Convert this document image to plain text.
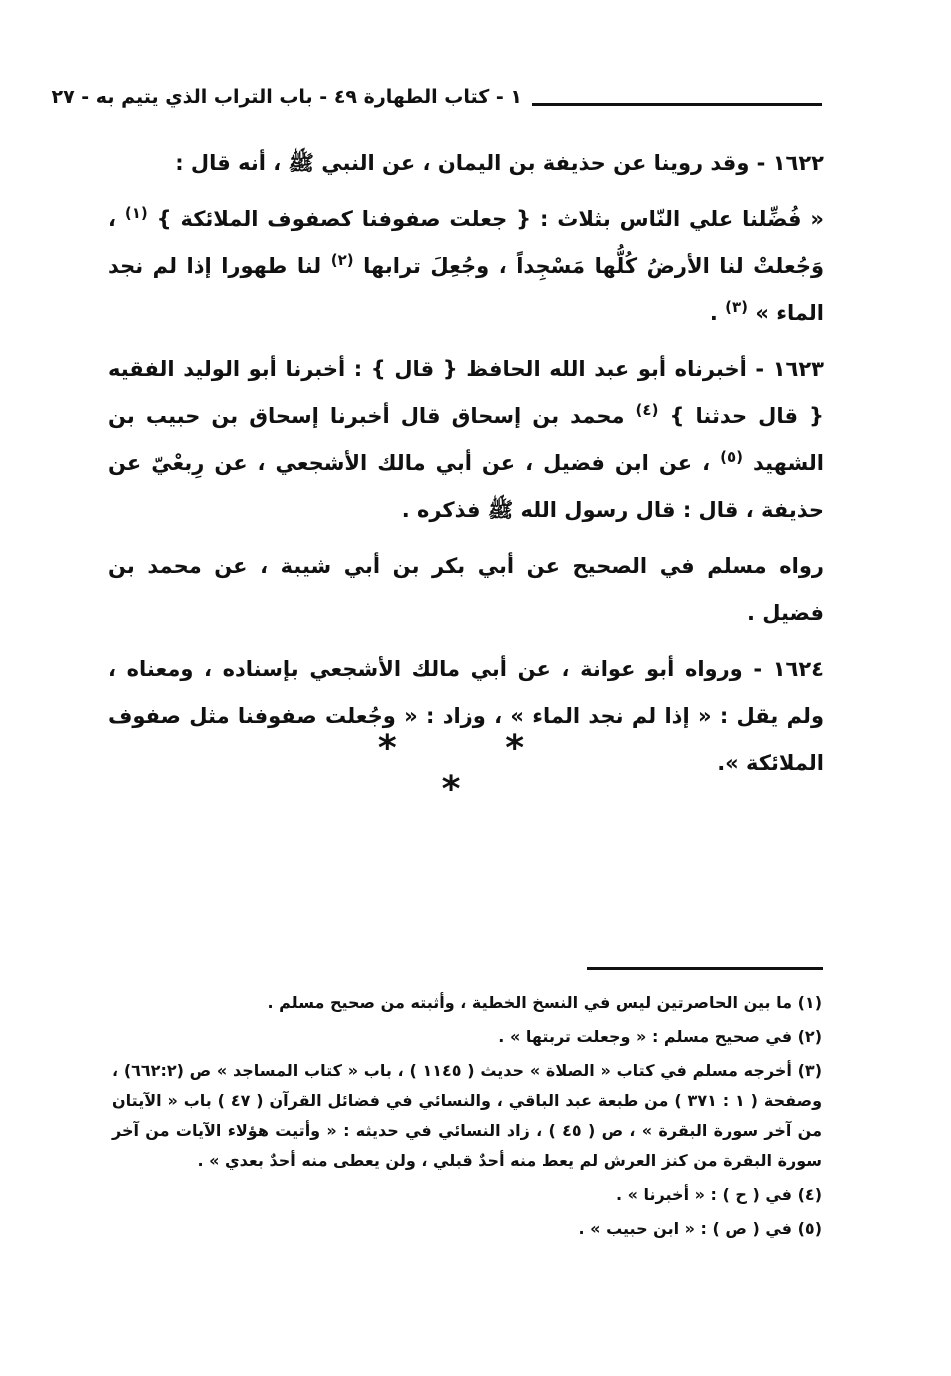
١ - كتاب الطهارة ٤٩ - باب التراب الذي يتيم به - ٢٧

١٦٢٢ - وقد روينا عن حذيفة بن اليمان ، عن النبي ﷺ ، أنه قال :

« فُضِّلنا علي النّاس بثلاث : { جعلت صفوفنا كصفوف الملائكة } $^{(١)}$ ، وَجُعلتْ لنا الأرضُ كُلُّها مَسْجِداً ، وجُعِلَ ترابها $^{(٢)}$ لنا طهورا إذا لم نجد الماء » $^{(٣)}$ .

١٦٢٣ - أخبرناه أبو عبد الله الحافظ { قال } : أخبرنا أبو الوليد الفقيه { قال حدثنا } $^{(٤)}$ محمد بن إسحاق قال أخبرنا إسحاق بن حبيب بن الشهيد $^{(٥)}$ ، عن ابن فضيل ، عن أبي مالك الأشجعي ، عن رِبعْيّ عن حذيفة ، قال : قال رسول الله ﷺ فذكره .

رواه مسلم في الصحيح عن أبي بكر بن أبي شيبة ، عن محمد بن فضيل .

١٦٢٤ - ورواه أبو عوانة ، عن أبي مالك الأشجعي بإسناده ، ومعناه ، ولم يقل : « إذا لم نجد الماء » ، وزاد : « وجُعلت صفوفنا مثل صفوف الملائكة ».

* * *

(١) ما بين الحاصرتين ليس في النسخ الخطية ، وأثبته من صحيح مسلم .

(٢) في صحيح مسلم : « وجعلت تربتها » .

(٣) أخرجه مسلم في كتاب « الصلاة » حديث ( ١١٤٥ ) ، باب « كتاب المساجد » ص (٦٦٢:٢) ، وصفحة ( ١ : ٣٧١ ) من طبعة عبد الباقي ، والنسائي في فضائل القرآن ( ٤٧ ) باب « الآيتان من آخر سورة البقرة » ، ص ( ٤٥ ) ، زاد النسائي في حديثه : « وأتيت هؤلاء الآيات من آخر سورة البقرة من كنز العرش لم يعط منه أحدٌ قبلي ، ولن يعطى منه أحدٌ بعدي » .

(٤) في ( ح ) : « أخبرنا » .

(٥) في ( ص ) : « ابن حبيب » .
